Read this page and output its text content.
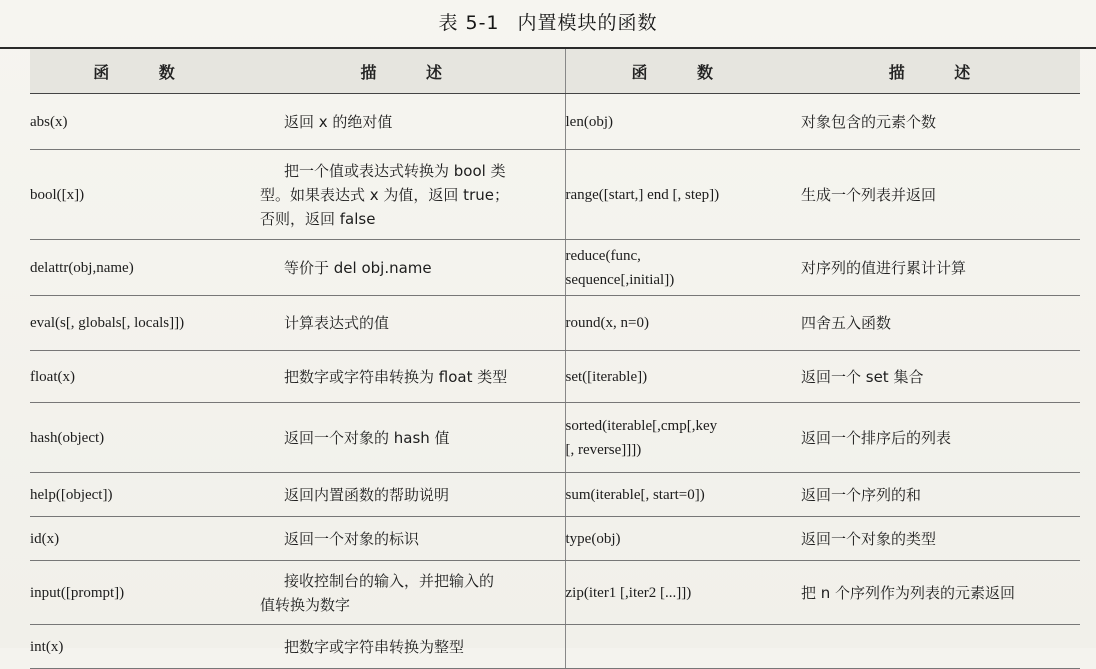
表 5-1 内置模块的函数
函 数	描 述	函 数	描 述
abs(x)	返回 x 的绝对值	len(obj)	对象包含的元素个数
bool([x])	把一个值或表达式转换为 bool 类
型。如果表达式 x 为值，返回 true；
否则，返回 false	range([start,] end [, step])	生成一个列表并返回
delattr(obj,name)	等价于 del obj.name	reduce(func,
sequence[,initial])	对序列的值进行累计计算
eval(s[, globals[, locals]])	计算表达式的值	round(x, n=0)	四舍五入函数
float(x)	把数字或字符串转换为 float 类型	set([iterable])	返回一个 set 集合
hash(object)	返回一个对象的 hash 值	sorted(iterable[,cmp[,key
[, reverse]]])	返回一个排序后的列表
help([object])	返回内置函数的帮助说明	sum(iterable[, start=0])	返回一个序列的和
id(x)	返回一个对象的标识	type(obj)	返回一个对象的类型
input([prompt])	接收控制台的输入，并把输入的
值转换为数字	zip(iter1 [,iter2 [...]])	把 n 个序列作为列表的元素返回
int(x)	把数字或字符串转换为整型		
